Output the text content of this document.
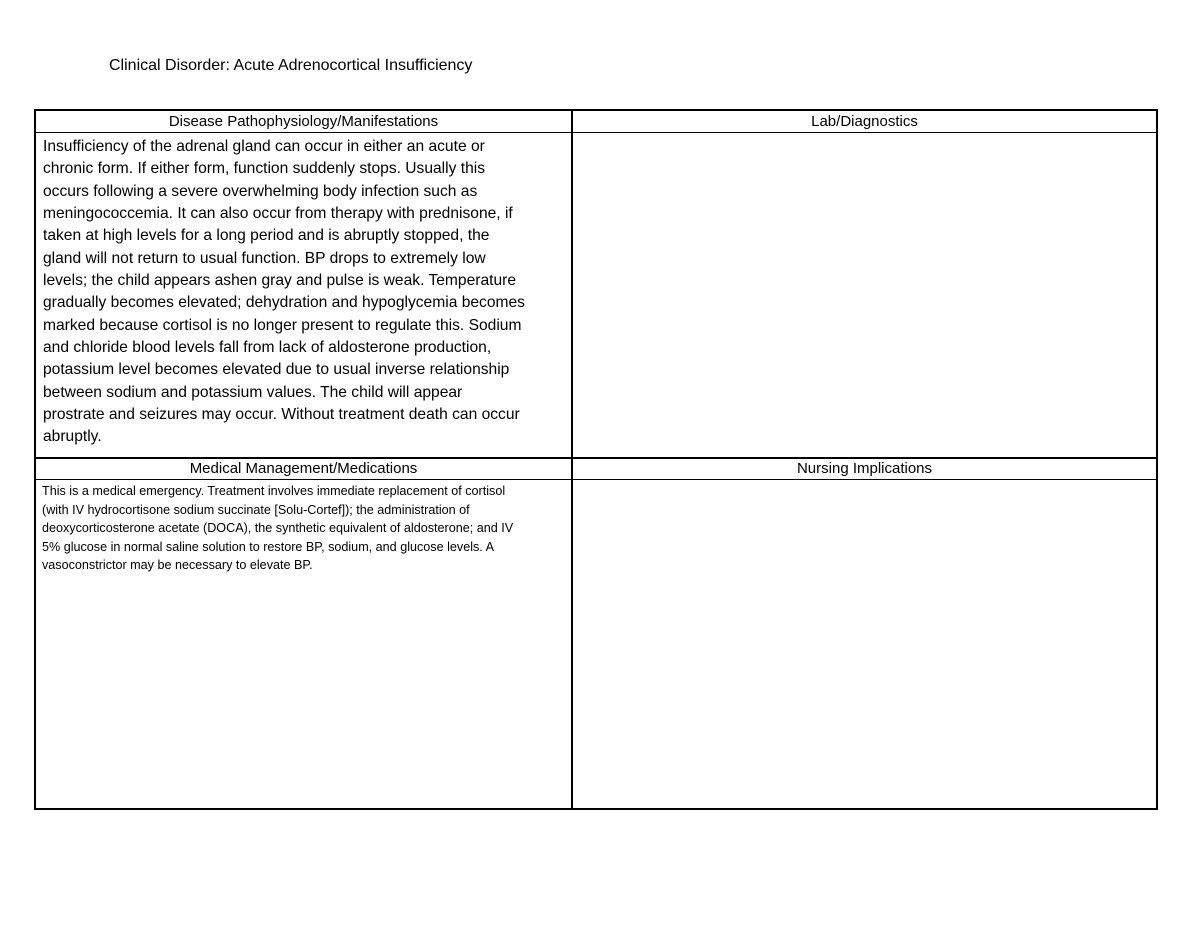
Clinical Disorder: Acute Adrenocortical Insufficiency
Disease Pathophysiology/Manifestations	Lab/Diagnostics
Insufficiency of the adrenal gland can occur in either an acute or
chronic form. If either form, function suddenly stops. Usually this
occurs following a severe overwhelming body infection such as
meningococcemia. It can also occur from therapy with prednisone, if
taken at high levels for a long period and is abruptly stopped, the
gland will not return to usual function. BP drops to extremely low
levels; the child appears ashen gray and pulse is weak. Temperature
gradually becomes elevated; dehydration and hypoglycemia becomes
marked because cortisol is no longer present to regulate this. Sodium
and chloride blood levels fall from lack of aldosterone production,
potassium level becomes elevated due to usual inverse relationship
between sodium and potassium values. The child will appear
prostrate and seizures may occur. Without treatment death can occur
abruptly.
Medical Management/Medications	Nursing Implications
This is a medical emergency. Treatment involves immediate replacement of cortisol
(with IV hydrocortisone sodium succinate [Solu-Cortef]); the administration of
deoxycorticosterone acetate (DOCA), the synthetic equivalent of aldosterone; and IV
5% glucose in normal saline solution to restore BP, sodium, and glucose levels. A
vasoconstrictor may be necessary to elevate BP.
